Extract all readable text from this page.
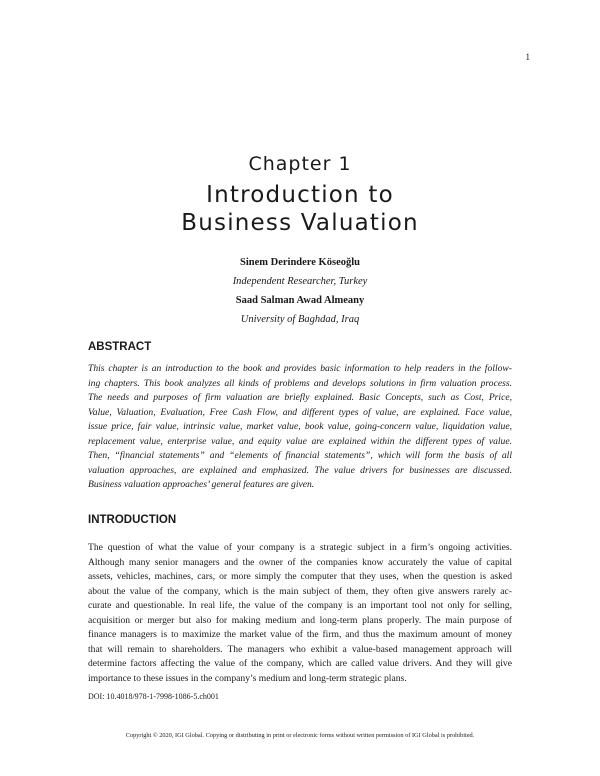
1
Chapter 1
Introduction to
Business Valuation
Sinem Derindere Köseoğlu
Independent Researcher, Turkey
Saad Salman Awad Almeany
University of Baghdad, Iraq
ABSTRACT
This chapter is an introduction to the book and provides basic information to help readers in the follow-
ing chapters. This book analyzes all kinds of problems and develops solutions in firm valuation process.
The needs and purposes of firm valuation are briefly explained. Basic Concepts, such as Cost, Price,
Value, Valuation, Evaluation, Free Cash Flow, and different types of value, are explained. Face value,
issue price, fair value, intrinsic value, market value, book value, going-concern value, liquidation value,
replacement value, enterprise value, and equity value are explained within the different types of value.
Then, “financial statements” and “elements of financial statements”, which will form the basis of all
valuation approaches, are explained and emphasized. The value drivers for businesses are discussed.
Business valuation approaches’ general features are given.
INTRODUCTION
The question of what the value of your company is a strategic subject in a firm’s ongoing activities.
Although many senior managers and the owner of the companies know accurately the value of capital
assets, vehicles, machines, cars, or more simply the computer that they uses, when the question is asked
about the value of the company, which is the main subject of them, they often give answers rarely ac-
curate and questionable. In real life, the value of the company is an important tool not only for selling,
acquisition or merger but also for making medium and long-term plans properly. The main purpose of
finance managers is to maximize the market value of the firm, and thus the maximum amount of money
that will remain to shareholders. The managers who exhibit a value-based management approach will
determine factors affecting the value of the company, which are called value drivers. And they will give
importance to these issues in the company’s medium and long-term strategic plans.
DOI: 10.4018/978-1-7998-1086-5.ch001
Copyright © 2020, IGI Global. Copying or distributing in print or electronic forms without written permission of IGI Global is prohibited.
